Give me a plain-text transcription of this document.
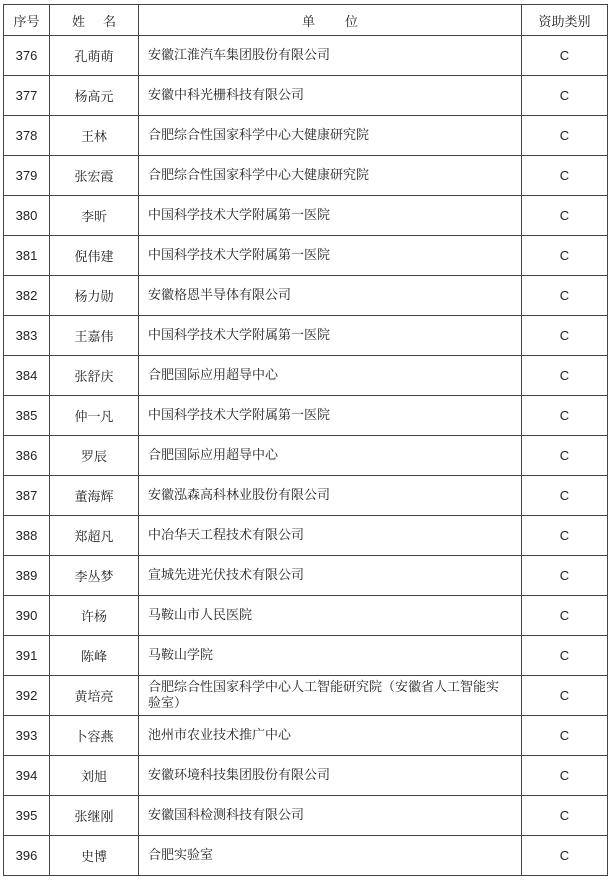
序号	姓名	单位	资助类别
376	孔萌萌	安徽江淮汽车集团股份有限公司	C
377	杨高元	安徽中科光栅科技有限公司	C
378	王林	合肥综合性国家科学中心大健康研究院	C
379	张宏霞	合肥综合性国家科学中心大健康研究院	C
380	李昕	中国科学技术大学附属第一医院	C
381	倪伟建	中国科学技术大学附属第一医院	C
382	杨力勋	安徽格恩半导体有限公司	C
383	王嘉伟	中国科学技术大学附属第一医院	C
384	张舒庆	合肥国际应用超导中心	C
385	仲一凡	中国科学技术大学附属第一医院	C
386	罗辰	合肥国际应用超导中心	C
387	董海辉	安徽泓森高科林业股份有限公司	C
388	郑超凡	中冶华天工程技术有限公司	C
389	李丛梦	宣城先进光伏技术有限公司	C
390	许杨	马鞍山市人民医院	C
391	陈峰	马鞍山学院	C
392	黄培亮	合肥综合性国家科学中心人工智能研究院（安徽省人工智能实验室）	C
393	卜容燕	池州市农业技术推广中心	C
394	刘旭	安徽环境科技集团股份有限公司	C
395	张继刚	安徽国科检测科技有限公司	C
396	史博	合肥实验室	C
